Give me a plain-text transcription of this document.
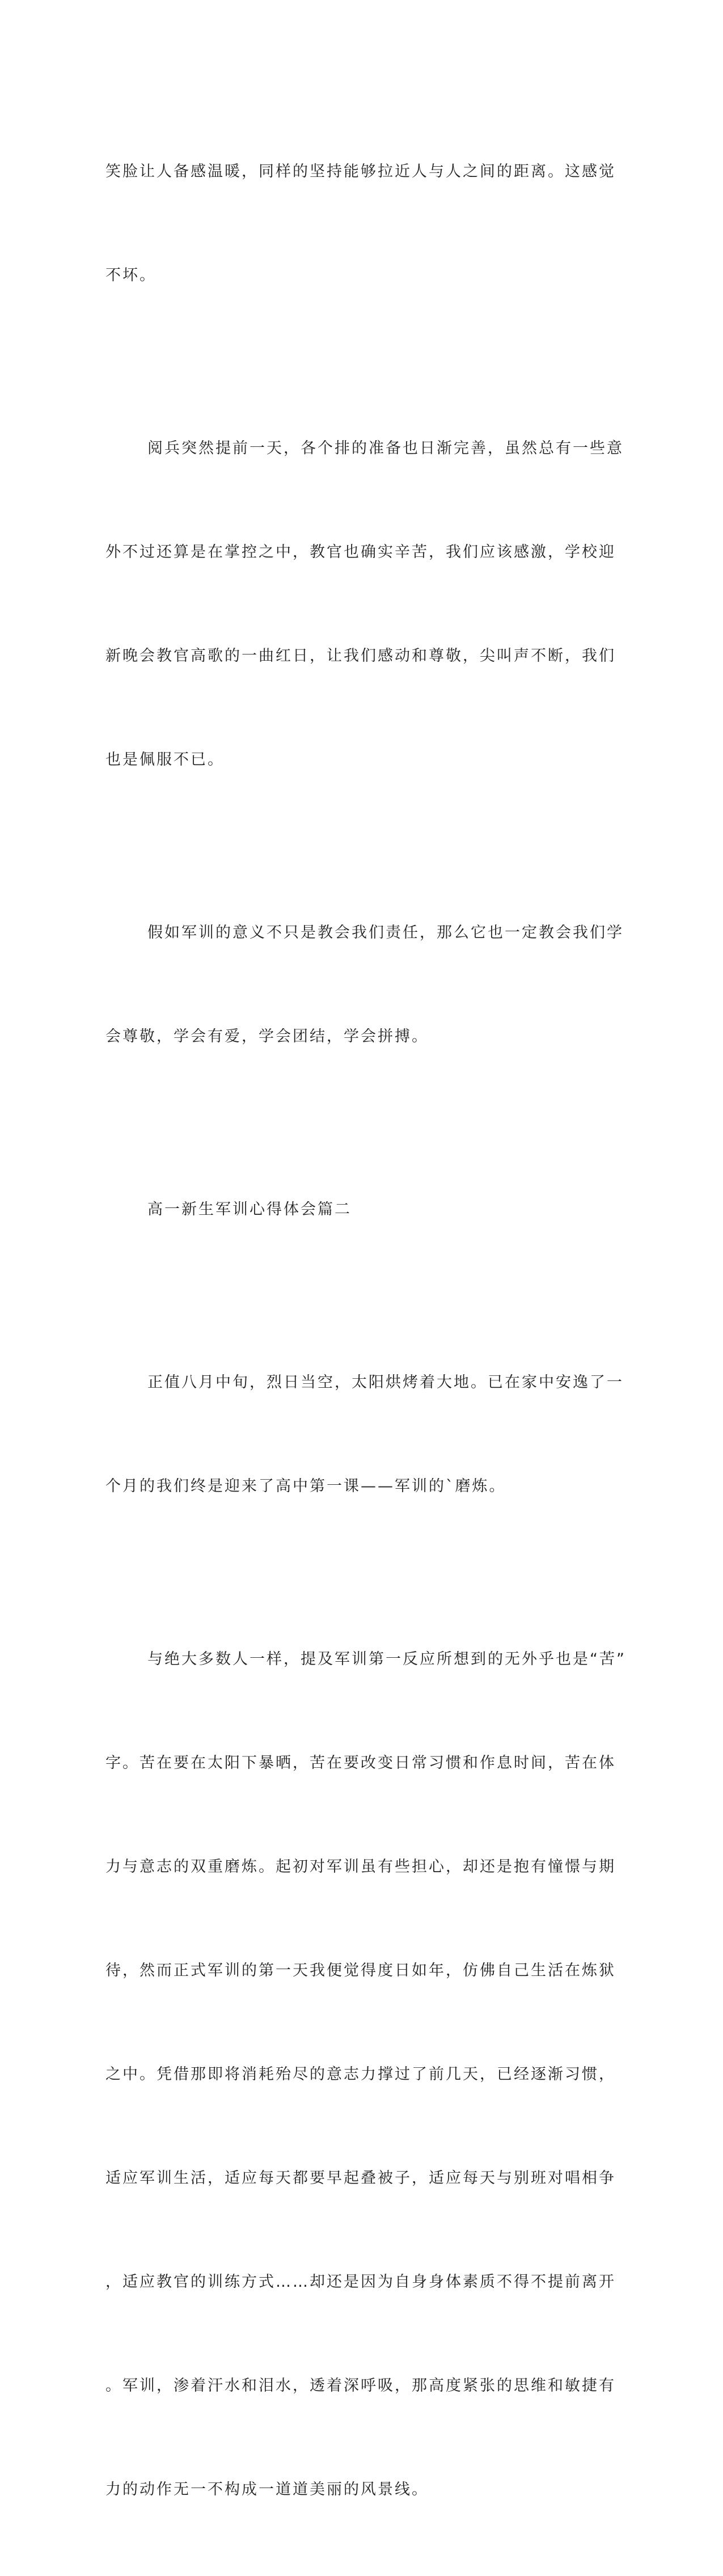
笑脸让人备感温暖，同样的坚持能够拉近人与人之间的距离。这感觉

不坏。

阅兵突然提前一天，各个排的准备也日渐完善，虽然总有一些意

外不过还算是在掌控之中，教官也确实辛苦，我们应该感激，学校迎

新晚会教官高歌的一曲红日，让我们感动和尊敬，尖叫声不断，我们

也是佩服不已。

假如军训的意义不只是教会我们责任，那么它也一定教会我们学

会尊敬，学会有爱，学会团结，学会拼搏。

高一新生军训心得体会篇二

正值八月中旬，烈日当空，太阳烘烤着大地。已在家中安逸了一

个月的我们终是迎来了高中第一课——军训的`磨炼。

与绝大多数人一样，提及军训第一反应所想到的无外乎也是“苦”

字。苦在要在太阳下暴晒，苦在要改变日常习惯和作息时间，苦在体

力与意志的双重磨炼。起初对军训虽有些担心，却还是抱有憧憬与期

待，然而正式军训的第一天我便觉得度日如年，仿佛自己生活在炼狱

之中。凭借那即将消耗殆尽的意志力撑过了前几天，已经逐渐习惯，

适应军训生活，适应每天都要早起叠被子，适应每天与别班对唱相争

，适应教官的训练方式……却还是因为自身身体素质不得不提前离开

。军训，渗着汗水和泪水，透着深呼吸，那高度紧张的思维和敏捷有

力的动作无一不构成一道道美丽的风景线。
